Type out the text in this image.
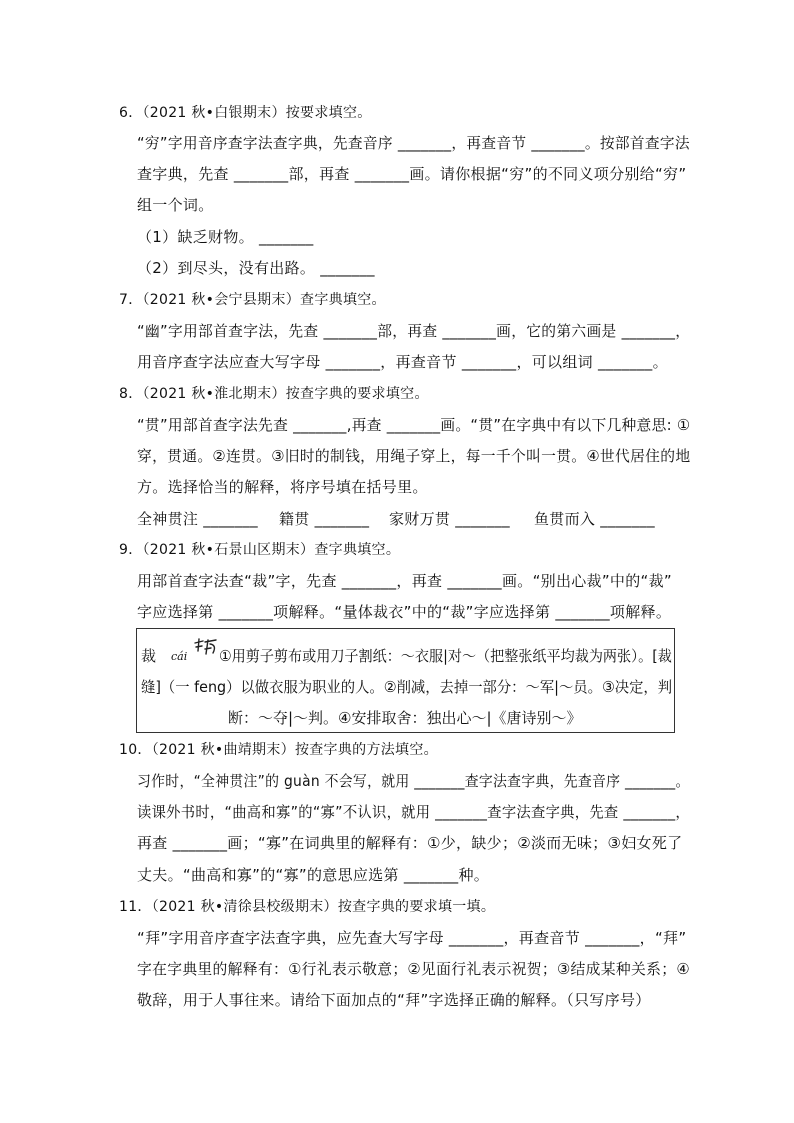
6．（2021 秋•白银期末）按要求填空。
“穷”字用音序查字法查字典，先查音序 _______，再查音节 _______。按部首查字法
查字典，先查 _______部，再查 _______画。请你根据“穷”的不同义项分别给“穷”
组一个词。
（1）缺乏财物。 _______
（2）到尽头，没有出路。 _______
7．（2021 秋•会宁县期末）查字典填空。
“幽”字用部首查字法，先查 _______部，再查 _______画，它的第六画是 _______，
用音序查字法应查大写字母 _______，再查音节 _______，可以组词 _______。
8．（2021 秋•淮北期末）按查字典的要求填空。
“贯”用部首查字法先查 _______,再查 _______画。“贯”在字典中有以下几种意思: ①
穿，贯通。②连贯。③旧时的制钱，用绳子穿上，每一千个叫一贯。④世代居住的地
方。选择恰当的解释，将序号填在括号里。
全神贯注 _______ 籍贯 _______ 家财万贯 _______ 鱼贯而入 _______
9．（2021 秋•石景山区期末）查字典填空。
用部首查字法查“裁”字，先查 _______，再查 _______画。“别出心裁”中的“裁”
字应选择第 _______项解释。“量体裁衣”中的“裁”字应选择第 _______项解释。
裁 cái ①用剪子剪布或用刀子割纸：～衣服|对～（把整张纸平均裁为两张）。[裁
缝]（一 feng）以做衣服为职业的人。②削减，去掉一部分：～军|～员。③决定，判
断：～夺|～判。④安排取舍：独出心～|《唐诗别～》
10．（2021 秋•曲靖期末）按查字典的方法填空。
习作时，“全神贯注”的 guàn 不会写，就用 _______查字法查字典，先查音序 _______。
读课外书时，“曲高和寡”的“寡”不认识，就用 _______查字法查字典，先查 _______，
再查 _______画；“寡”在词典里的解释有：①少，缺少；②淡而无味；③妇女死了
丈夫。“曲高和寡”的“寡”的意思应选第 _______种。
11．（2021 秋•清徐县校级期末）按查字典的要求填一填。
“拜”字用音序查字法查字典，应先查大写字母 _______，再查音节 _______，“拜”
字在字典里的解释有：①行礼表示敬意；②见面行礼表示祝贺；③结成某种关系；④
敬辞，用于人事往来。请给下面加点的“拜”字选择正确的解释。（只写序号）
